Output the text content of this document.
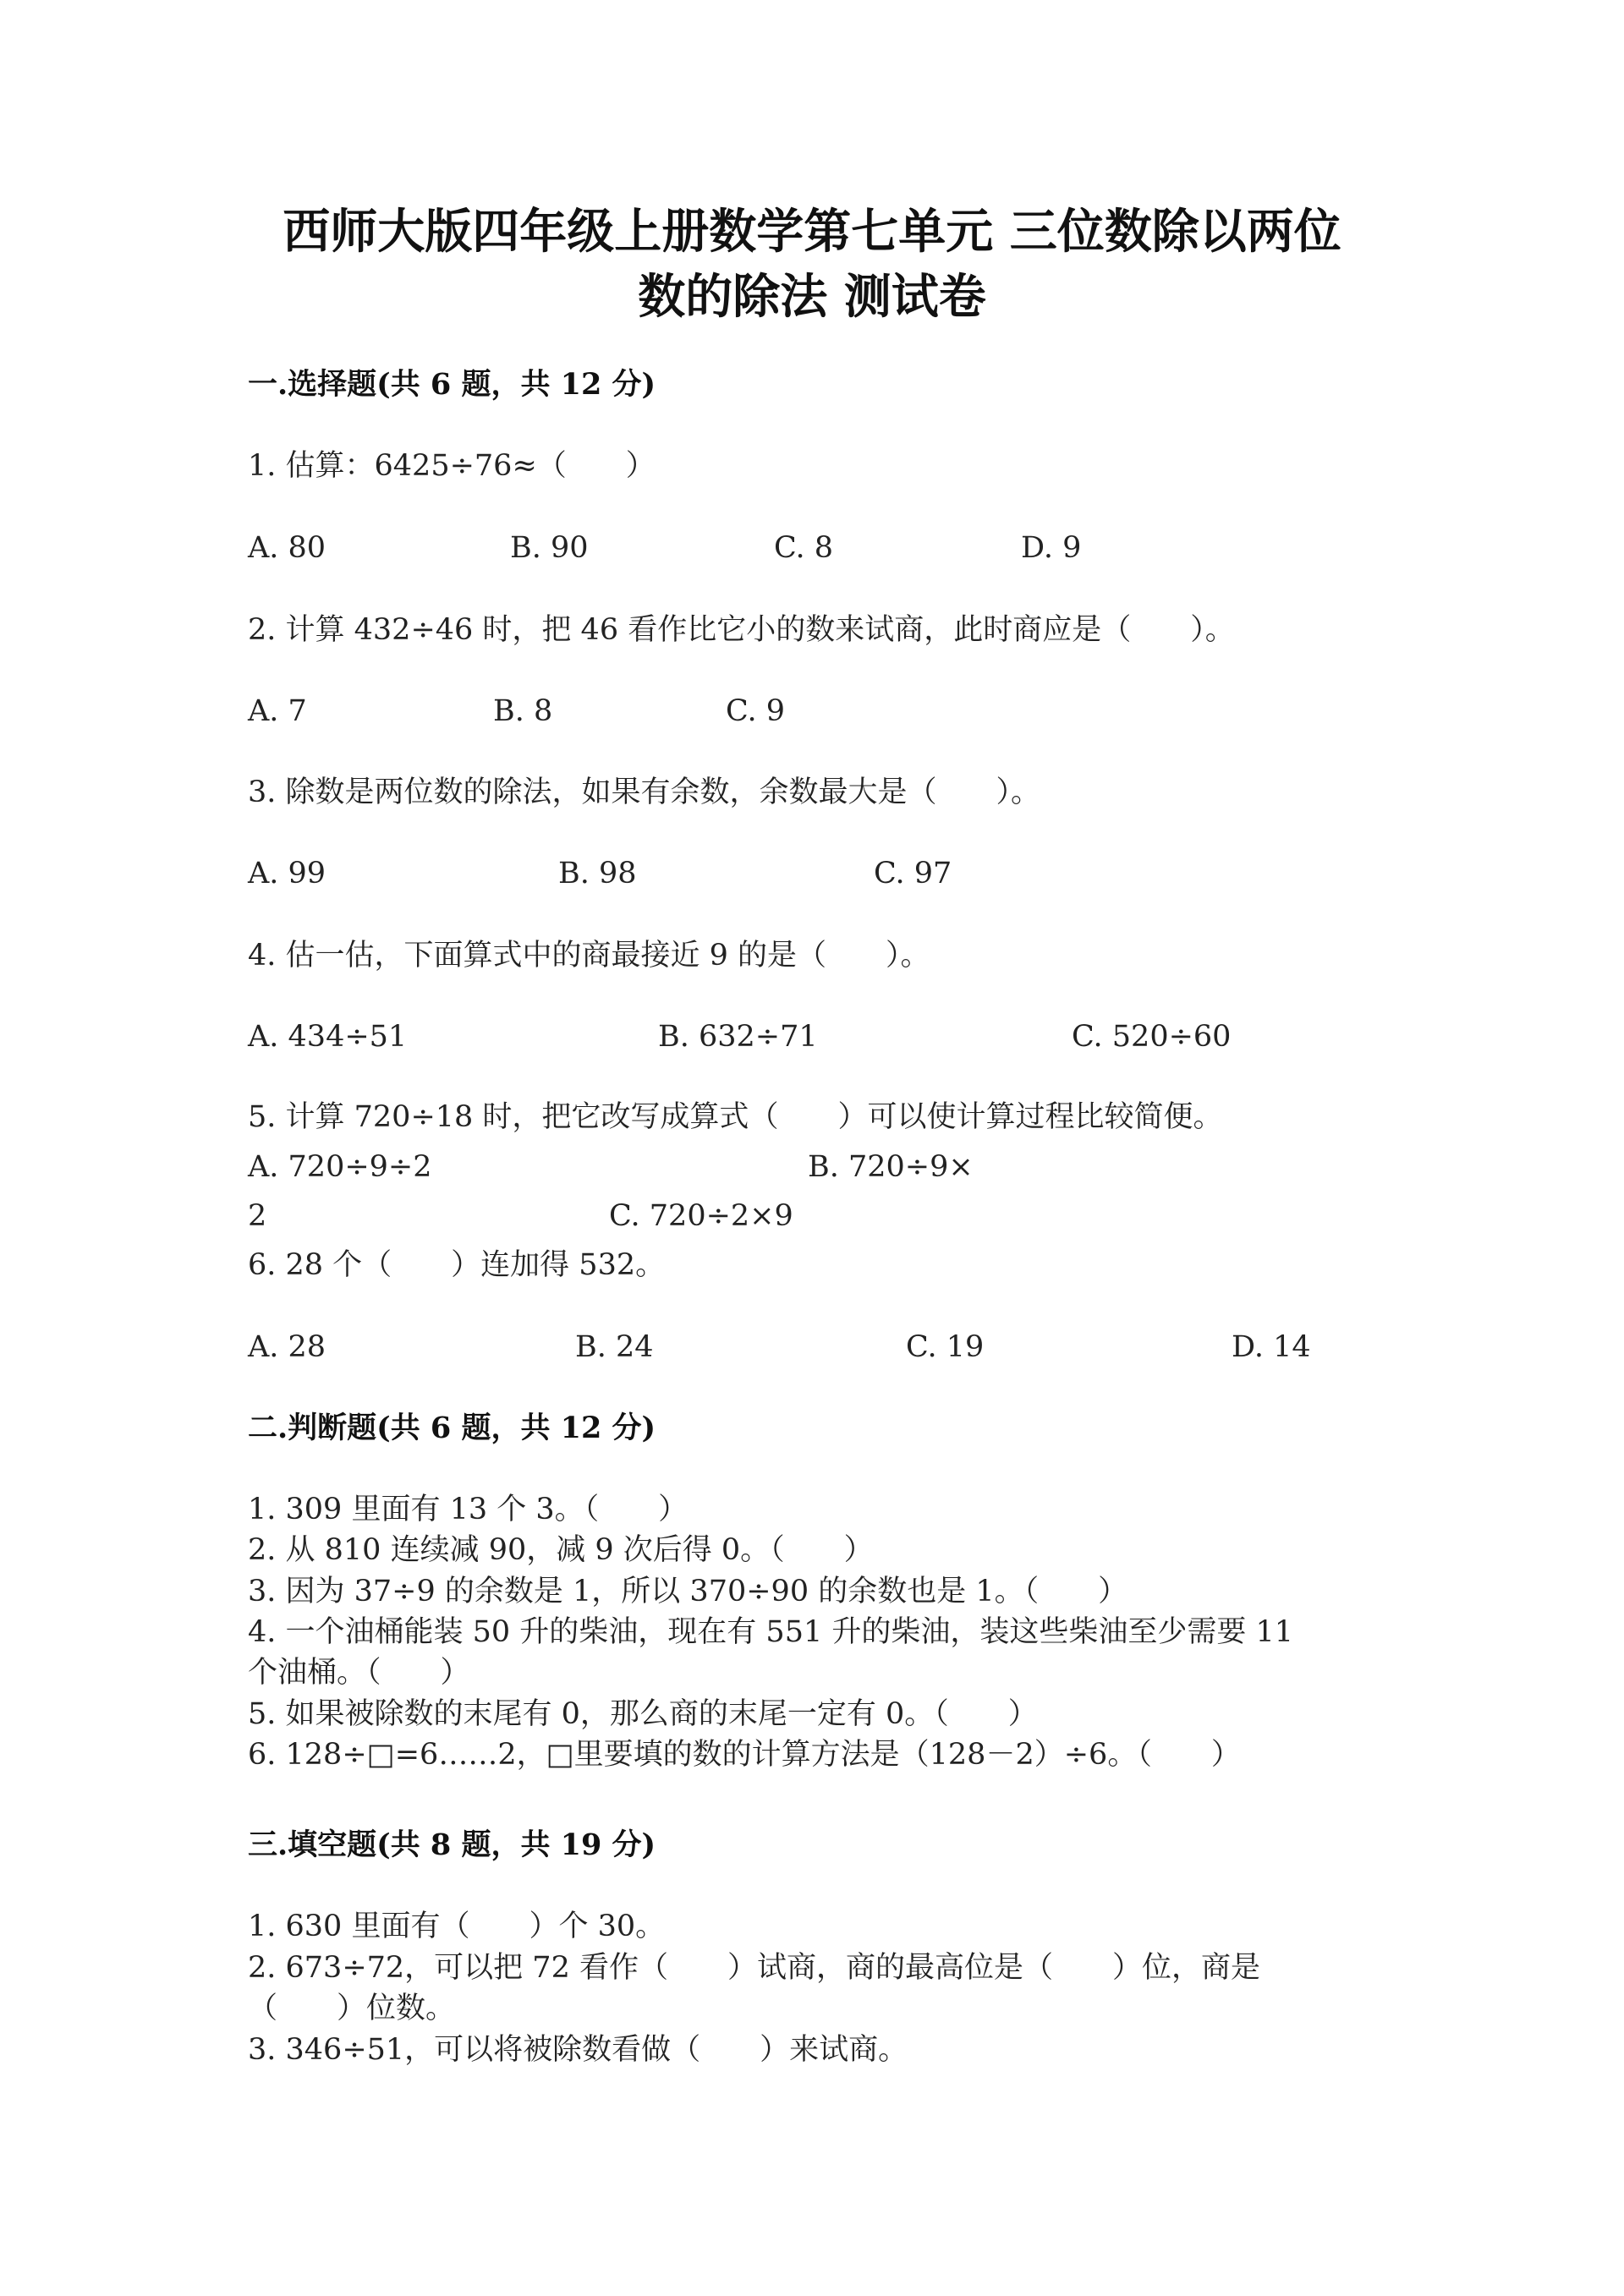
西师大版四年级上册数学第七单元 三位数除以两位
数的除法 测试卷
一.选择题(共 6 题，共 12 分)
1. 估算：6425÷76≈（　　）
A. 80	B. 90	C. 8	D. 9
2. 计算 432÷46 时，把 46 看作比它小的数来试商，此时商应是（　　）。
A. 7	B. 8	C. 9
3. 除数是两位数的除法，如果有余数，余数最大是（　　）。
A. 99	B. 98	C. 97
4. 估一估，下面算式中的商最接近 9 的是（　　）。
A. 434÷51	B. 632÷71	C. 520÷60
5. 计算 720÷18 时，把它改写成算式（　　）可以使计算过程比较简便。
A. 720÷9÷2	B. 720÷9×
2	C. 720÷2×9
6. 28 个（　　）连加得 532。
A. 28	B. 24	C. 19	D. 14
二.判断题(共 6 题，共 12 分)
1. 309 里面有 13 个 3。（　　）
2. 从 810 连续减 90，减 9 次后得 0。（　　）
3. 因为 37÷9 的余数是 1，所以 370÷90 的余数也是 1。（　　）
4. 一个油桶能装 50 升的柴油，现在有 551 升的柴油，装这些柴油至少需要 11
个油桶。（　　）
5. 如果被除数的末尾有 0，那么商的末尾一定有 0。（　　）
6. 128÷□=6……2，□里要填的数的计算方法是（128－2）÷6。（　　）
三.填空题(共 8 题，共 19 分)
1. 630 里面有（　　）个 30。
2. 673÷72，可以把 72 看作（　　）试商，商的最高位是（　　）位，商是
（　　）位数。
3. 346÷51，可以将被除数看做（　　）来试商。
